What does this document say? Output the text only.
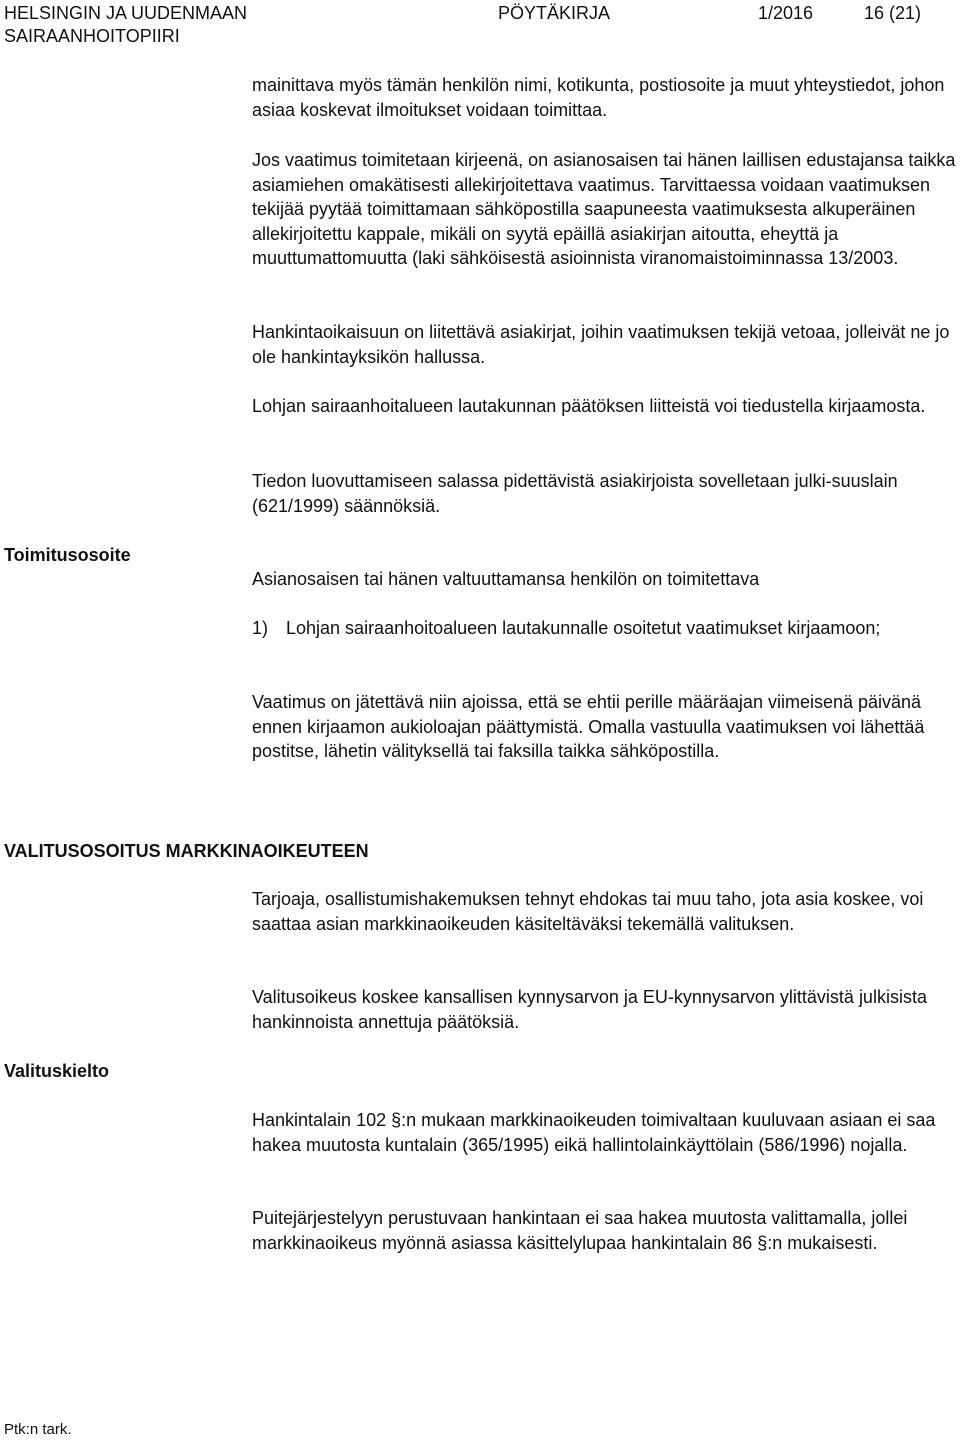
HELSINGIN JA UUDENMAAN
SAIRAANHOITOPIIRI
PÖYTÄKIRJA	1/2016	16 (21)

mainittava myös tämän henkilön nimi, kotikunta, postiosoite ja muut yhteystiedot, johon asiaa koskevat ilmoitukset voidaan toimittaa.

Jos vaatimus toimitetaan kirjeenä, on asianosaisen tai hänen laillisen edustajansa taikka asiamiehen omakätisesti allekirjoitettava vaatimus. Tarvittaessa voidaan vaatimuksen tekijää pyytää toimittamaan sähköpostilla saapuneesta vaatimuksesta alkuperäinen allekirjoitettu kappale, mikäli on syytä epäillä asiakirjan aitoutta, eheyttä ja muuttumattomuutta (laki sähköisestä asioinnista viranomaistoiminnassa 13/2003.

Hankintaoikaisuun on liitettävä asiakirjat, joihin vaatimuksen tekijä vetoaa, jolleivät ne jo ole hankintayksikön hallussa.

Lohjan sairaanhoitalueen lautakunnan päätöksen liitteistä voi tiedustella kirjaamosta.

Tiedon luovuttamiseen salassa pidettävistä asiakirjoista sovelletaan julki-suuslain (621/1999) säännöksiä.

Toimitusosoite

Asianosaisen tai hänen valtuuttamansa henkilön on toimitettava

1) Lohjan sairaanhoitoalueen lautakunnalle osoitetut vaatimukset kirjaamoon;

Vaatimus on jätettävä niin ajoissa, että se ehtii perille määräajan viimeisenä päivänä ennen kirjaamon aukioloajan päättymistä. Omalla vastuulla vaatimuksen voi lähettää postitse, lähetin välityksellä tai faksilla taikka sähköpostilla.

VALITUSOSOITUS MARKKINAOIKEUTEEN

Tarjoaja, osallistumishakemuksen tehnyt ehdokas tai muu taho, jota asia koskee, voi saattaa asian markkinaoikeuden käsiteltäväksi tekemällä valituksen.

Valitusoikeus koskee kansallisen kynnysarvon ja EU-kynnysarvon ylittävistä julkisista hankinnoista annettuja päätöksiä.

Valituskielto

Hankintalain 102 §:n mukaan markkinaoikeuden toimivaltaan kuuluvaan asiaan ei saa hakea muutosta kuntalain (365/1995) eikä hallintolainkäyttölain (586/1996) nojalla.

Puitejärjestelyyn perustuvaan hankintaan ei saa hakea muutosta valittamalla, jollei markkinaoikeus myönnä asiassa käsittelylupaa hankintalain 86 §:n mukaisesti.

Ptk:n tark.
